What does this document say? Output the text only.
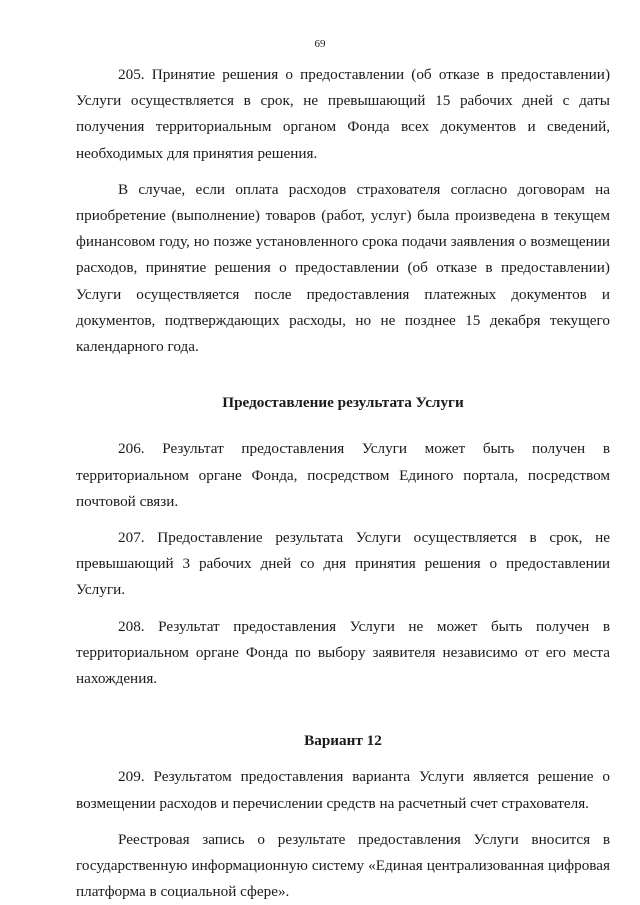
69

205. Принятие решения о предоставлении (об отказе в предоставлении) Услуги осуществляется в срок, не превышающий 15 рабочих дней с даты получения территориальным органом Фонда всех документов и сведений, необходимых для принятия решения.

В случае, если оплата расходов страхователя согласно договорам на приобретение (выполнение) товаров (работ, услуг) была произведена в текущем финансовом году, но позже установленного срока подачи заявления о возмещении расходов, принятие решения о предоставлении (об отказе в предоставлении) Услуги осуществляется после предоставления платежных документов и документов, подтверждающих расходы, но не позднее 15 декабря текущего календарного года.

Предоставление результата Услуги

206. Результат предоставления Услуги может быть получен в территориальном органе Фонда, посредством Единого портала, посредством почтовой связи.

207. Предоставление результата Услуги осуществляется в срок, не превышающий 3 рабочих дней со дня принятия решения о предоставлении Услуги.

208. Результат предоставления Услуги не может быть получен в территориальном органе Фонда по выбору заявителя независимо от его места нахождения.

Вариант 12

209. Результатом предоставления варианта Услуги является решение о возмещении расходов и перечислении средств на расчетный счет страхователя.

Реестровая запись о результате предоставления Услуги вносится в государственную информационную систему «Единая централизованная цифровая платформа в социальной сфере».
